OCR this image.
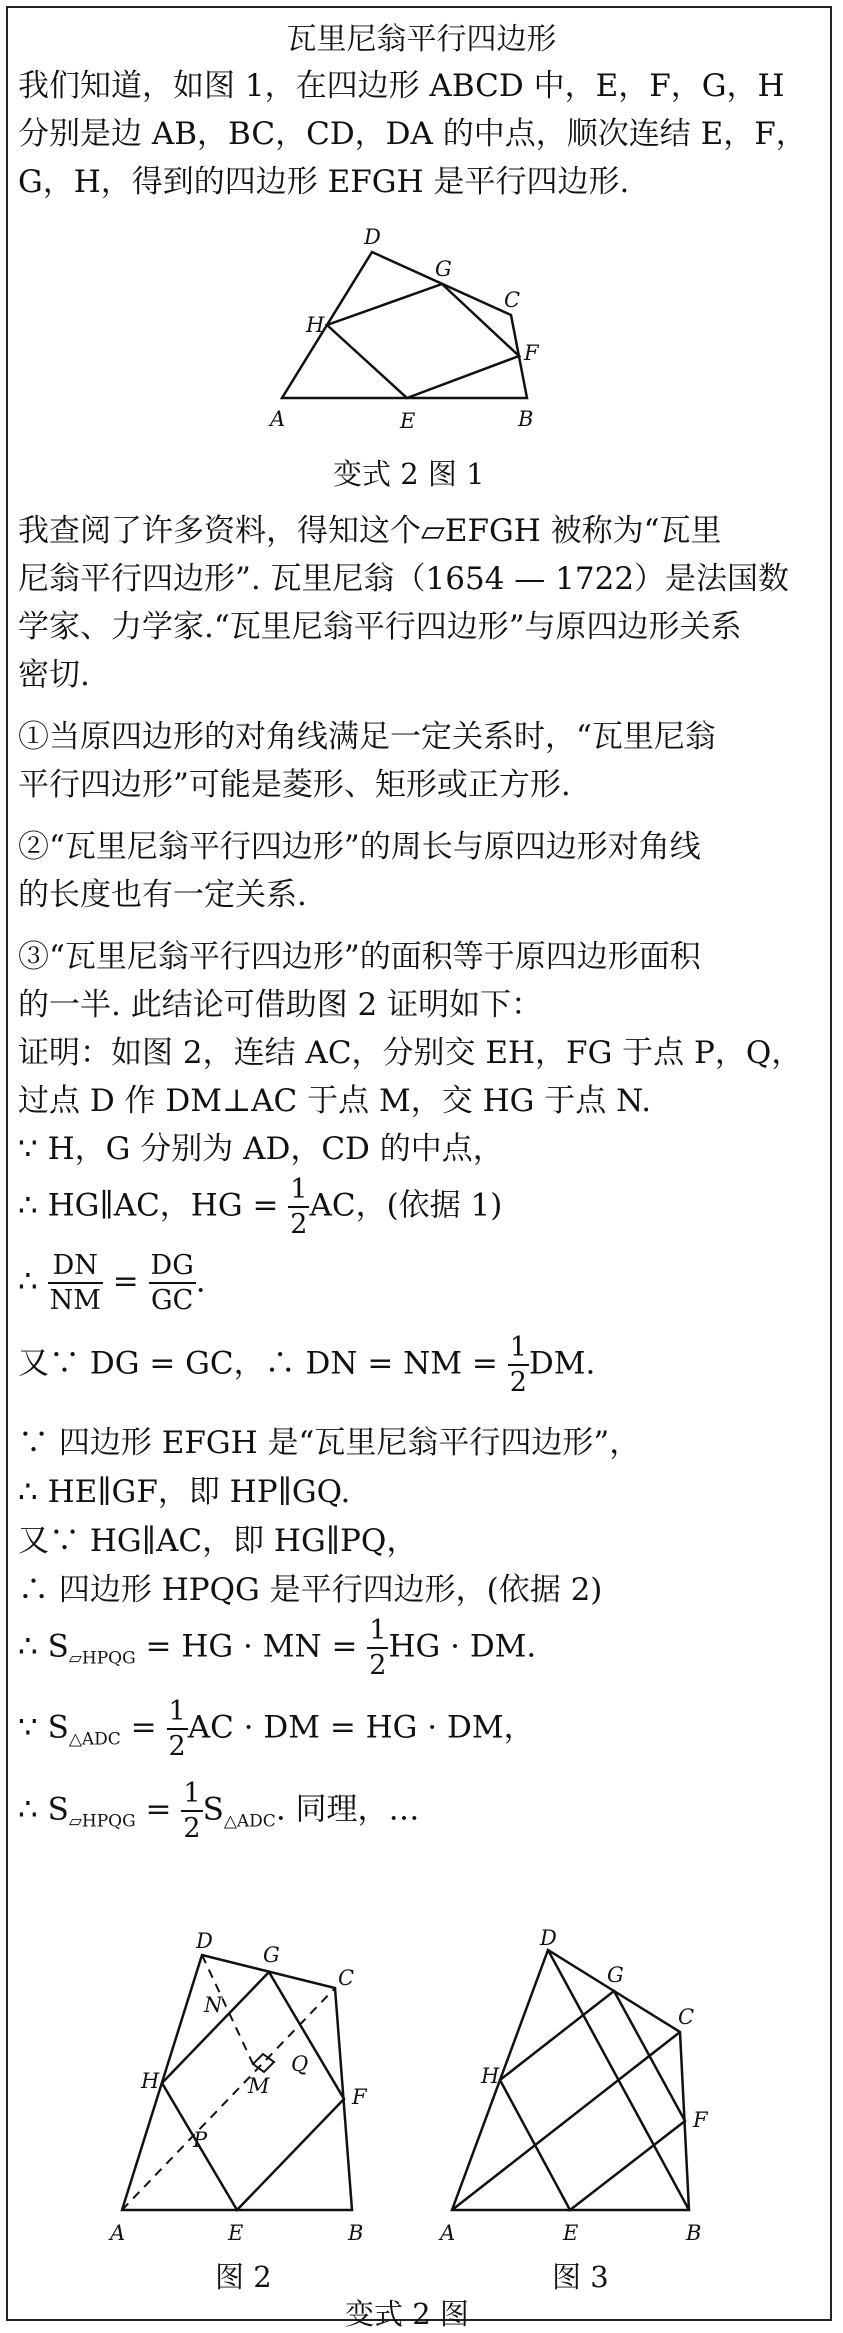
瓦里尼翁平行四边形
我们知道，如图 1，在四边形 ABCD 中，E，F，G，H
分别是边 AB，BC，CD，DA 的中点，顺次连结 E，F，
G，H，得到的四边形 EFGH 是平行四边形.
A	B
C
D
E
F
G
H
变式 2 图 1
我查阅了许多资料，得知这个▱EFGH 被称为“瓦里
尼翁平行四边形”. 瓦里尼翁（1654 — 1722）是法国数
学家、力学家.“瓦里尼翁平行四边形”与原四边形关系
密切.
①当原四边形的对角线满足一定关系时，“瓦里尼翁
平行四边形”可能是菱形、矩形或正方形.
②“瓦里尼翁平行四边形”的周长与原四边形对角线
的长度也有一定关系.
③“瓦里尼翁平行四边形”的面积等于原四边形面积
的一半. 此结论可借助图 2 证明如下：
证明：如图 2，连结 AC，分别交 EH，FG 于点 P，Q，
过点 D 作 DM⊥AC 于点 M，交 HG 于点 N.
∵ H，G 分别为 AD，CD 的中点，
∴ HG∥AC，HG = $\frac{1}{2}$ AC，(依据 1)
∴ $\frac{DN}{NM} = \frac{DG}{GC}$ .
又∵ DG = GC，∴ DN = NM = $\frac{1}{2}$ DM.
∵ 四边形 EFGH 是“瓦里尼翁平行四边形”，
∴ HE∥GF，即 HP∥GQ.
又∵ HG∥AC，即 HG∥PQ，
∴ 四边形 HPQG 是平行四边形，(依据 2)
∴ $S_{▱HPQG}$ = HG · MN = $\frac{1}{2}$ HG · DM.
∵ $S_{\triangle ADC} = \frac{1}{2}$ AC · DM = HG · DM，
∴ $S_{▱HPQG} = \frac{1}{2} S_{\triangle ADC}$. 同理，…
A	B
C
D
E
F
G
H	M
N
P
Q
A	B
C
D
E
F
G
H
图 2	图 3
变式 2 图
